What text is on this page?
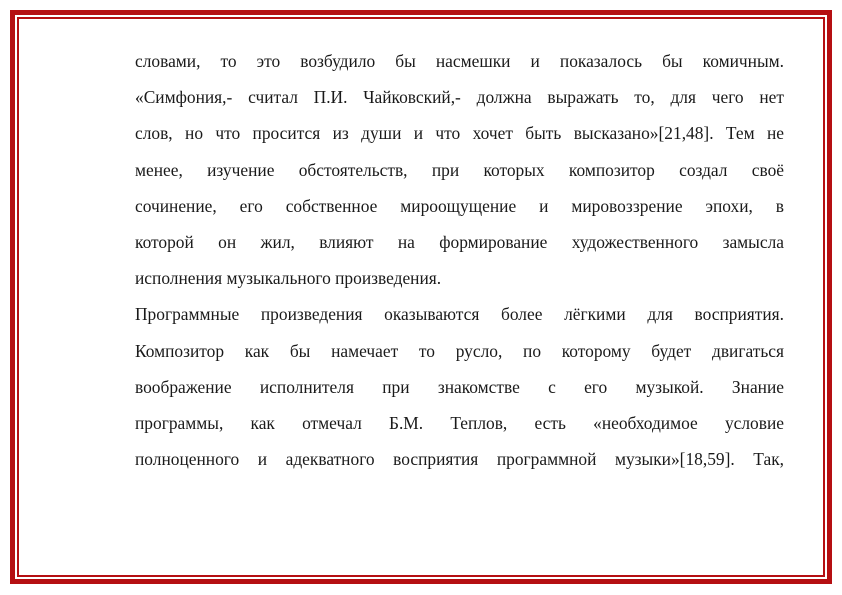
словами, то это возбудило бы насмешки и показалось бы комичным.
«Симфония,- считал П.И. Чайковский,- должна выражать то, для чего нет
слов, но что просится из души и что хочет быть высказано»[21,48]. Тем не
менее, изучение обстоятельств, при которых композитор создал своё
сочинение, его собственное мироощущение и мировоззрение эпохи, в
которой он жил, влияют на формирование художественного замысла
исполнения музыкального произведения.
Программные произведения оказываются более лёгкими для восприятия.
Композитор как бы намечает то русло, по которому будет двигаться
воображение исполнителя при знакомстве с его музыкой. Знание
программы, как отмечал Б.М. Теплов, есть «необходимое условие
полноценного и адекватного восприятия программной музыки»[18,59]. Так,
